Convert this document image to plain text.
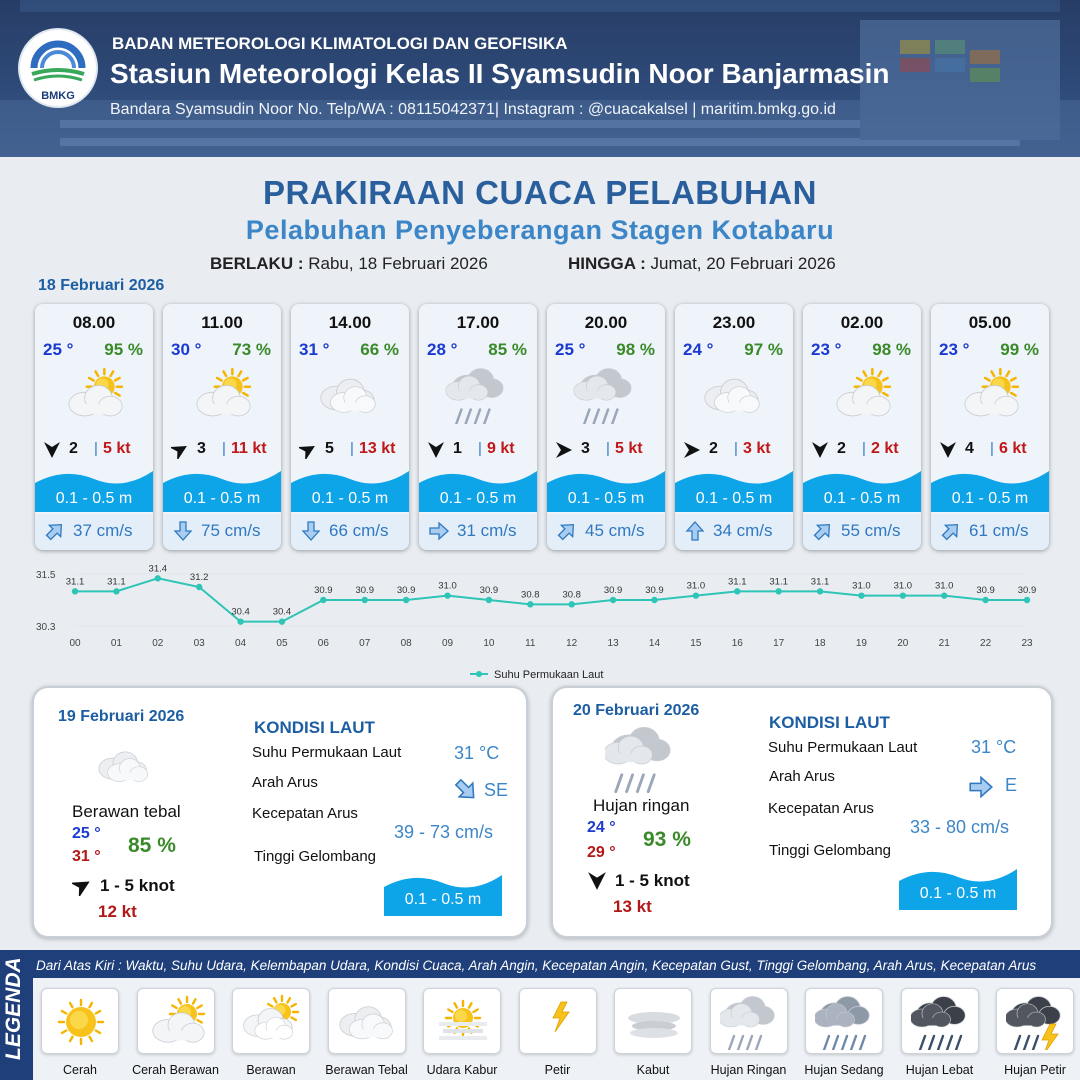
BMKG
BADAN METEOROLOGI KLIMATOLOGI DAN GEOFISIKA
Stasiun Meteorologi Kelas II Syamsudin Noor Banjarmasin
Bandara Syamsudin Noor No. Telp/WA : 08115042371| Instagram : @cuacakalsel | maritim.bmkg.go.id
PRAKIRAAN CUACA PELABUHAN
Pelabuhan Penyeberangan Stagen Kotabaru
BERLAKU : Rabu, 18 Februari 2026	HINGGA : Jumat, 20 Februari 2026
18 Februari 2026
08.00
25 ° 95 %
2 | 5 kt
0.1 - 0.5 m
37 cm/s
11.00
30 ° 73 %
3 | 11 kt
0.1 - 0.5 m
75 cm/s
14.00
31 ° 66 %
5 | 13 kt
0.1 - 0.5 m
66 cm/s
17.00
28 ° 85 %
1 | 9 kt
0.1 - 0.5 m
31 cm/s
20.00
25 ° 98 %
3 | 5 kt
0.1 - 0.5 m
45 cm/s
23.00
24 ° 97 %
2 | 3 kt
0.1 - 0.5 m
34 cm/s
02.00
23 ° 98 %
2 | 2 kt
0.1 - 0.5 m
55 cm/s
05.00
23 ° 99 %
4 | 6 kt
0.1 - 0.5 m
61 cm/s
31.5
30.3
31.1
00
31.1
01
31.4
02
31.2
03
30.4
04
30.4
05
30.9
06
30.9
07
30.9
08
31.0
09
30.9
10
30.8
11
30.8
12
30.9
13
30.9
14
31.0
15
31.1
16
31.1
17
31.1
18
31.0
19
31.0
20
31.0
21
30.9
22
30.9
23
Suhu Permukaan Laut
19 Februari 2026
Berawan tebal
25 °
31 ° 85 %
1 - 5 knot
12 kt
KONDISI LAUT
Suhu Permukaan Laut	31 °C
Arah Arus	SE
Kecepatan Arus
39 - 73 cm/s
Tinggi Gelombang
0.1 - 0.5 m
20 Februari 2026
Hujan ringan
24 °
29 °
93 %
1 - 5 knot
13 kt
KONDISI LAUT
Suhu Permukaan Laut	31 °C
Arah Arus	E
Kecepatan Arus
33 - 80 cm/s
Tinggi Gelombang
0.1 - 0.5 m
LEGENDA Dari Atas Kiri : Waktu, Suhu Udara, Kelembapan Udara, Kondisi Cuaca, Arah Angin, Kecepatan Angin, Kecepatan Gust, Tinggi Gelombang, Arah Arus, Kecepatan Arus
Cerah	Cerah Berawan	Berawan	Berawan Tebal	Udara Kabur	Petir	Kabut	Hujan Ringan	Hujan Sedang	Hujan Lebat	Hujan Petir
